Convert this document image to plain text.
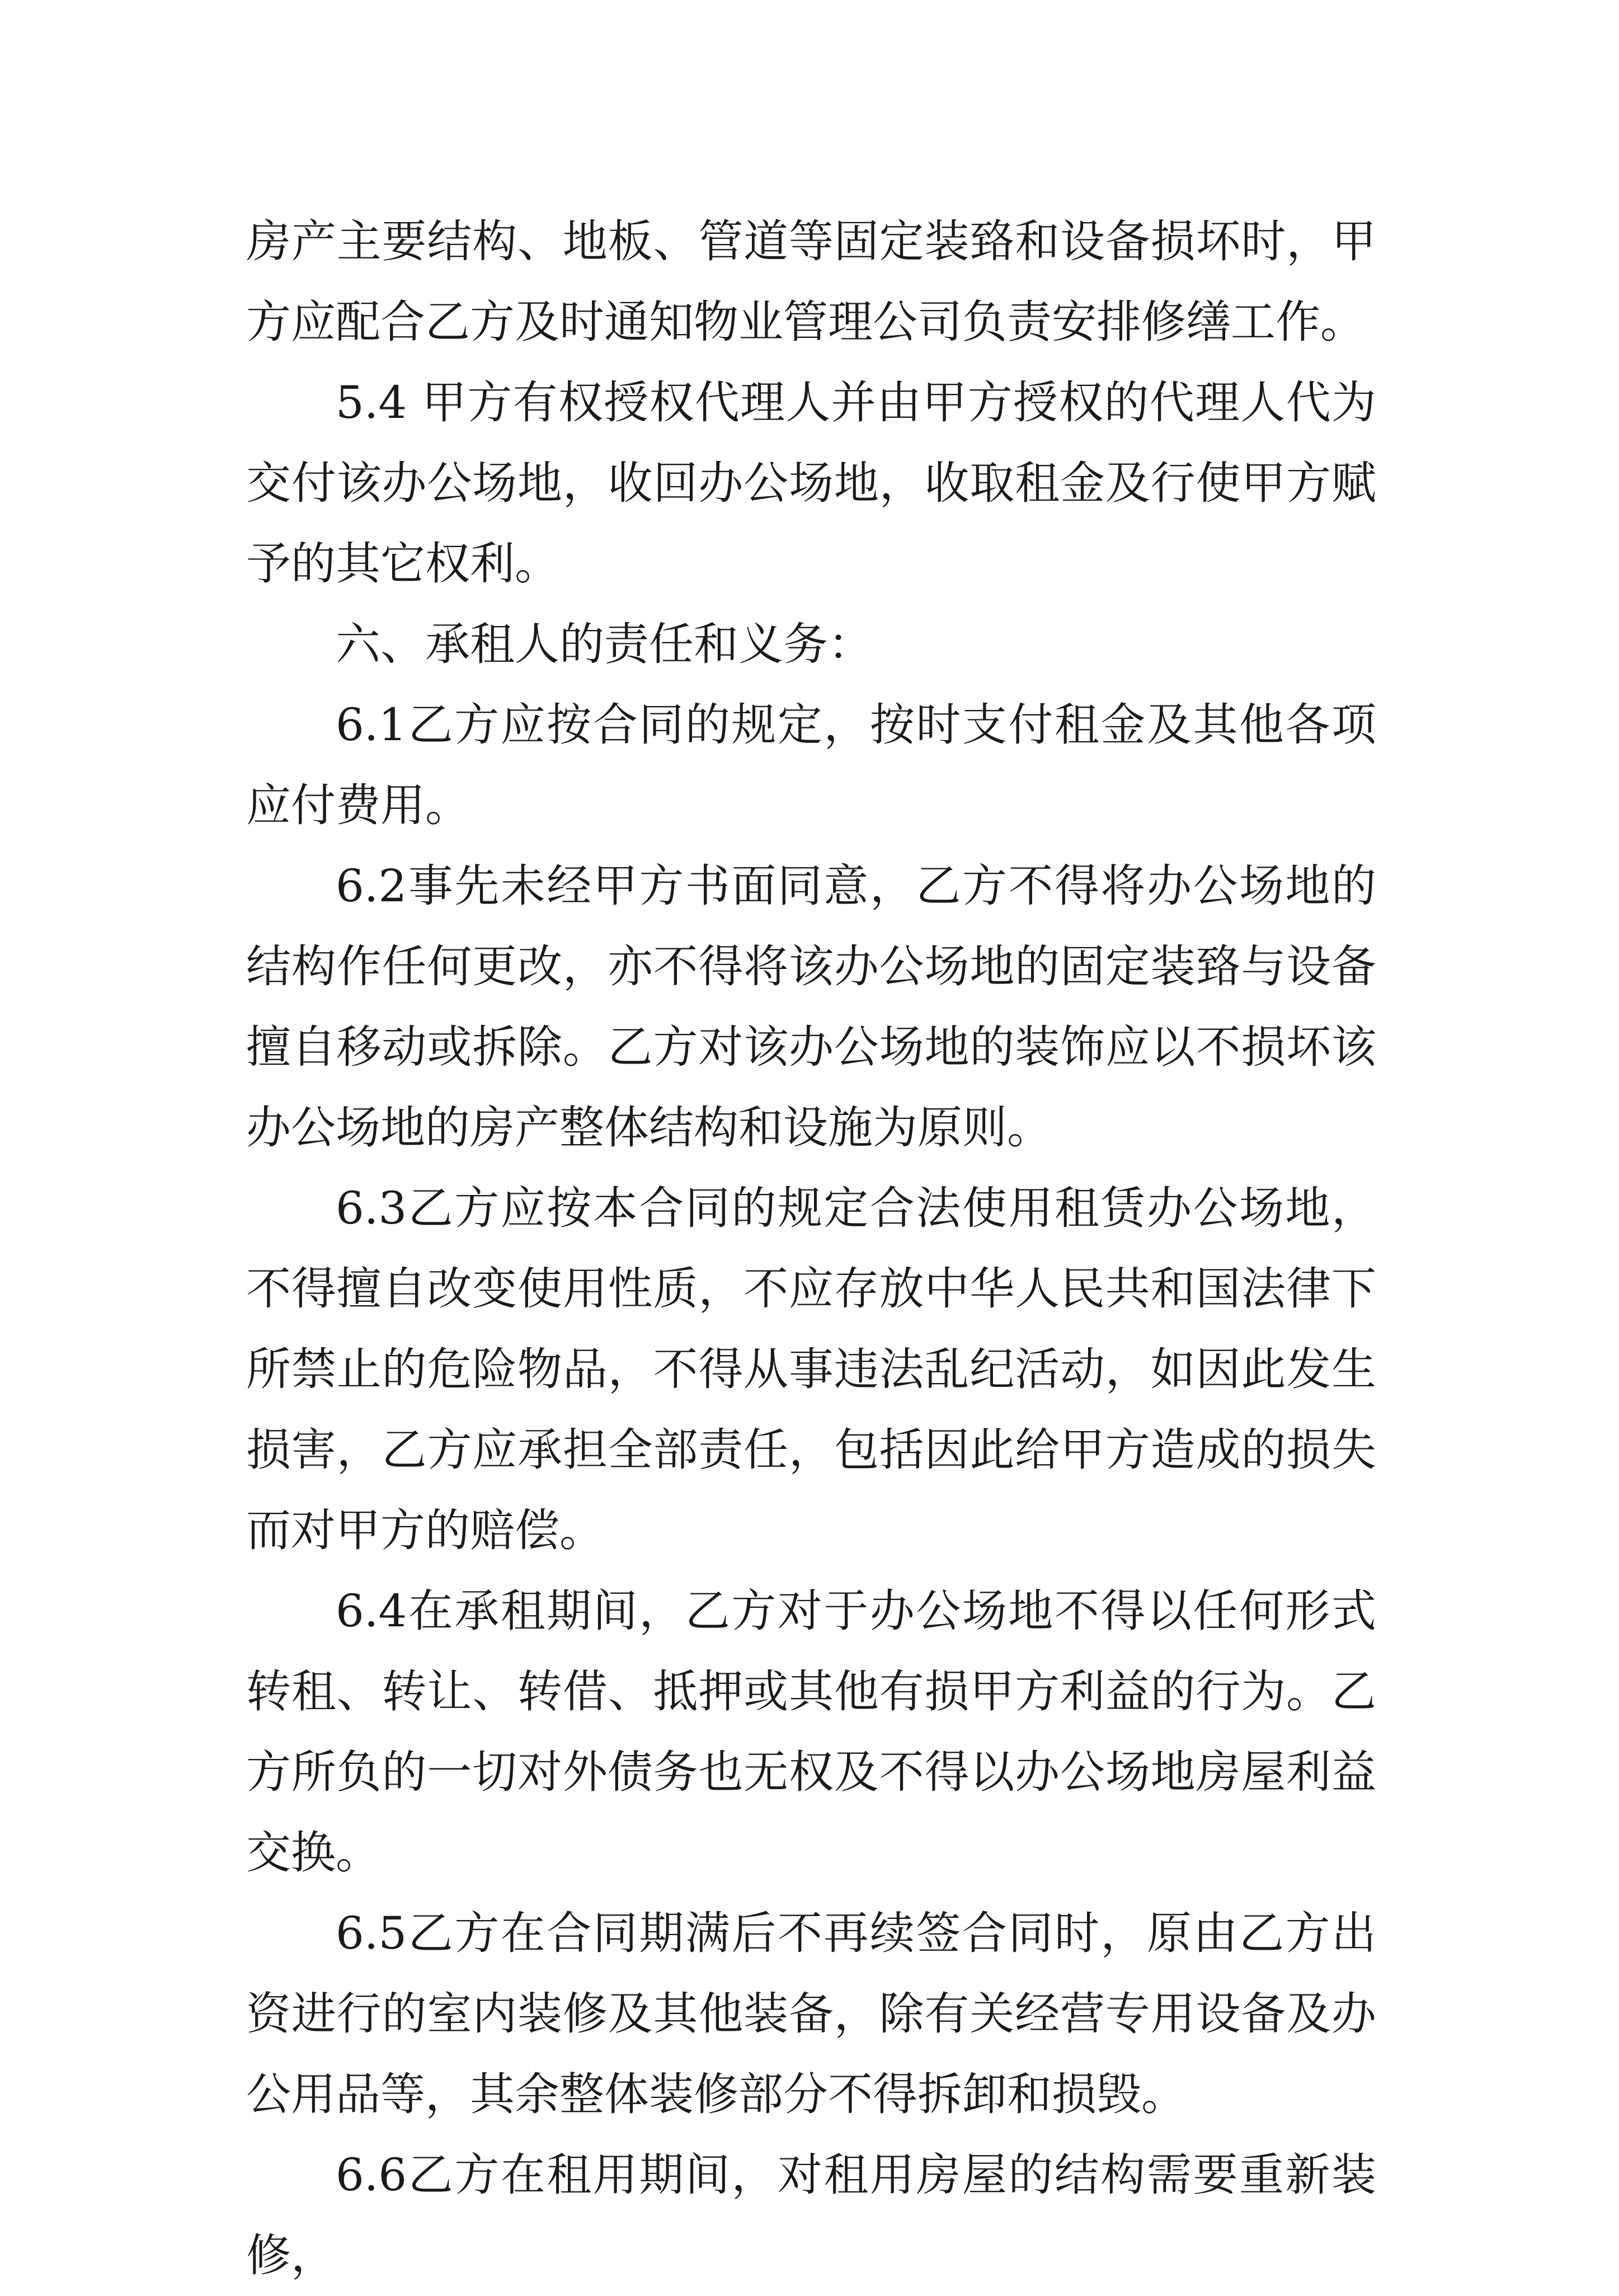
房产主要结构、地板、管道等固定装臵和设备损坏时，甲方应配合乙方及时通知物业管理公司负责安排修缮工作。

5.4 甲方有权授权代理人并由甲方授权的代理人代为交付该办公场地，收回办公场地，收取租金及行使甲方赋予的其它权利。

六、承租人的责任和义务：

6.1乙方应按合同的规定，按时支付租金及其他各项应付费用。

6.2事先未经甲方书面同意，乙方不得将办公场地的结构作任何更改，亦不得将该办公场地的固定装臵与设备擅自移动或拆除。乙方对该办公场地的装饰应以不损坏该办公场地的房产整体结构和设施为原则。

6.3乙方应按本合同的规定合法使用租赁办公场地，不得擅自改变使用性质，不应存放中华人民共和国法律下所禁止的危险物品，不得从事违法乱纪活动，如因此发生损害，乙方应承担全部责任，包括因此给甲方造成的损失而对甲方的赔偿。

6.4在承租期间，乙方对于办公场地不得以任何形式转租、转让、转借、抵押或其他有损甲方利益的行为。乙方所负的一切对外债务也无权及不得以办公场地房屋利益交换。

6.5乙方在合同期满后不再续签合同时，原由乙方出资进行的室内装修及其他装备，除有关经营专用设备及办公用品等，其余整体装修部分不得拆卸和损毁。

6.6乙方在租用期间，对租用房屋的结构需要重新装修，
